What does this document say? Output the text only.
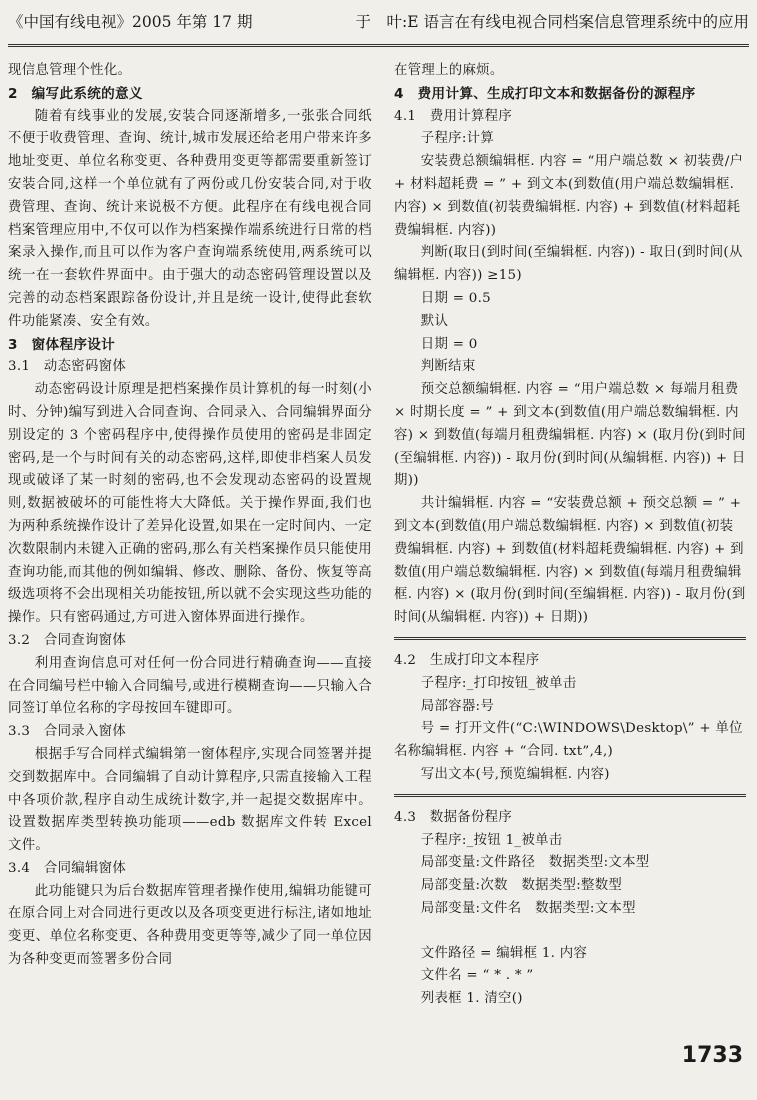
《中国有线电视》2005 年第 17 期	于　叶:E 语言在有线电视合同档案信息管理系统中的应用

现信息管理个性化。

2　编写此系统的意义

随着有线事业的发展,安装合同逐渐增多,一张张合同纸不便于收费管理、查询、统计,城市发展还给老用户带来许多地址变更、单位名称变更、各种费用变更等都需要重新签订安装合同,这样一个单位就有了两份或几份安装合同,对于收费管理、查询、统计来说极不方便。此程序在有线电视合同档案管理应用中,不仅可以作为档案操作端系统进行日常的档案录入操作,而且可以作为客户查询端系统使用,两系统可以统一在一套软件界面中。由于强大的动态密码管理设置以及完善的动态档案跟踪备份设计,并且是统一设计,使得此套软件功能紧凑、安全有效。

3　窗体程序设计

3.1　动态密码窗体

动态密码设计原理是把档案操作员计算机的每一时刻(小时、分钟)编写到进入合同查询、合同录入、合同编辑界面分别设定的 3 个密码程序中,使得操作员使用的密码是非固定密码,是一个与时间有关的动态密码,这样,即使非档案人员发现或破译了某一时刻的密码,也不会发现动态密码的设置规则,数据被破坏的可能性将大大降低。关于操作界面,我们也为两种系统操作设计了差异化设置,如果在一定时间内、一定次数限制内未键入正确的密码,那么有关档案操作员只能使用查询功能,而其他的例如编辑、修改、删除、备份、恢复等高级选项将不会出现相关功能按钮,所以就不会实现这些功能的操作。只有密码通过,方可进入窗体界面进行操作。

3.2　合同查询窗体

利用查询信息可对任何一份合同进行精确查询——直接在合同编号栏中输入合同编号,或进行模糊查询——只输入合同签订单位名称的字母按回车键即可。

3.3　合同录入窗体

根据手写合同样式编辑第一窗体程序,实现合同签署并提交到数据库中。合同编辑了自动计算程序,只需直接输入工程中各项价款,程序自动生成统计数字,并一起提交数据库中。设置数据库类型转换功能项——edb 数据库文件转 Excel 文件。

3.4　合同编辑窗体

此功能键只为后台数据库管理者操作使用,编辑功能键可在原合同上对合同进行更改以及各项变更进行标注,诸如地址变更、单位名称变更、各种费用变更等等,减少了同一单位因为各种变更而签署多份合同

在管理上的麻烦。

4　费用计算、生成打印文本和数据备份的源程序

4.1　费用计算程序

子程序:计算

安装费总额编辑框. 内容 = “用户端总数 × 初装费/户 + 材料超耗费 = ” + 到文本(到数值(用户端总数编辑框. 内容) × 到数值(初装费编辑框. 内容) + 到数值(材料超耗费编辑框. 内容))

判断(取日(到时间(至编辑框. 内容)) - 取日(到时间(从编辑框. 内容)) ≥15)

日期 = 0.5

默认

日期 = 0

判断结束

预交总额编辑框. 内容 = “用户端总数 × 每端月租费 × 时期长度 = ” + 到文本(到数值(用户端总数编辑框. 内容) × 到数值(每端月租费编辑框. 内容) × (取月份(到时间(至编辑框. 内容)) - 取月份(到时间(从编辑框. 内容)) + 日期))

共计编辑框. 内容 = “安装费总额 + 预交总额 = ” + 到文本(到数值(用户端总数编辑框. 内容) × 到数值(初装费编辑框. 内容) + 到数值(材料超耗费编辑框. 内容) + 到数值(用户端总数编辑框. 内容) × 到数值(每端月租费编辑框. 内容) × (取月份(到时间(至编辑框. 内容)) - 取月份(到时间(从编辑框. 内容)) + 日期))

4.2　生成打印文本程序

子程序:_打印按钮_被单击

局部容器:号

号 = 打开文件(“C:\WINDOWS\Desktop\” + 单位名称编辑框. 内容 + “合同. txt”,4,)

写出文本(号,预览编辑框. 内容)

4.3　数据备份程序

子程序:_按钮 1_被单击

局部变量:文件路径　数据类型:文本型

局部变量:次数　数据类型:整数型

局部变量:文件名　数据类型:文本型

文件路径 = 编辑框 1. 内容

文件名 = “ * . * ”

列表框 1. 清空()

1733
